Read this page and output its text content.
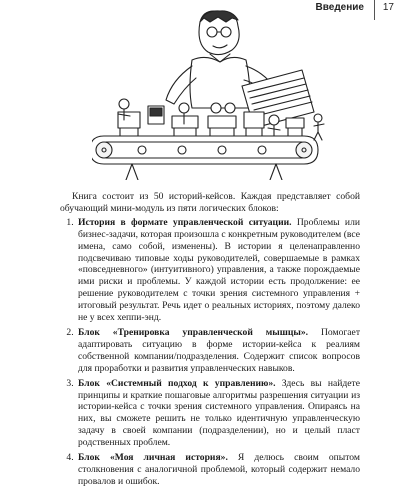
Введение 17

Книга состоит из 50 историй-кейсов. Каждая представляет собой обучающий мини-модуль из пяти логических блоков:

1. История в формате управленческой ситуации. Проблемы или бизнес-задачи, которая произошла с конкретным руководителем (все имена, само собой, изменены). В истории я целенаправленно подсвечиваю типовые ходы руководителей, совершаемые в рамках «повседневного» (интуитивного) управления, а также порождаемые ими риски и проблемы. У каждой истории есть продолжение: ее решение руководителем с точки зрения системного управления + итоговый результат. Речь идет о реальных историях, поэтому далеко не у всех хеппи-энд.
2. Блок «Тренировка управленческой мышцы». Помогает адаптировать ситуацию в форме истории-кейса к реалиям собственной компании/подразделения. Содержит список вопросов для проработки и развития управленческих навыков.
3. Блок «Системный подход к управлению». Здесь вы найдете принципы и краткие пошаговые алгоритмы разрешения ситуации из истории-кейса с точки зрения системного управления. Опираясь на них, вы сможете решить не только идентичную управленческую задачу в своей компании (подразделении), но и целый пласт родственных проблем.
4. Блок «Моя личная история». Я делюсь своим опытом столкновения с аналогичной проблемой, который содержит немало провалов и ошибок.
